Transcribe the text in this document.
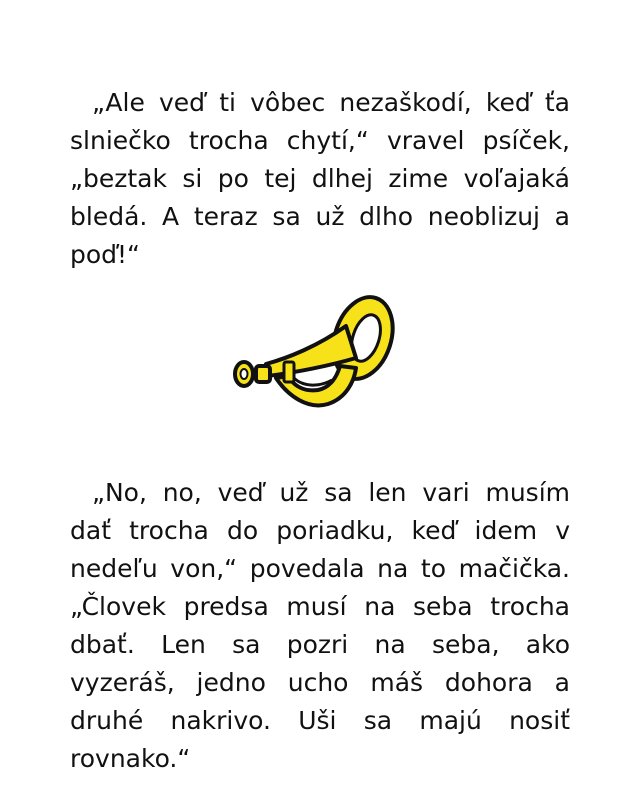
„Ale veď ti vôbec nezaškodí, keď ťa slniečko trocha chytí,“ vravel psíček, „beztak si po tej dlhej zime voľajaká bledá. A teraz sa už dlho neoblizuj a poď!“

„No, no, veď už sa len vari musím dať trocha do poriadku, keď idem v nedeľu von,“ povedala na to mačička. „Človek predsa musí na seba trocha dbať. Len sa pozri na seba, ako vyzeráš, jedno ucho máš dohora a druhé nakrivo. Uši sa majú nosiť rovnako.“
